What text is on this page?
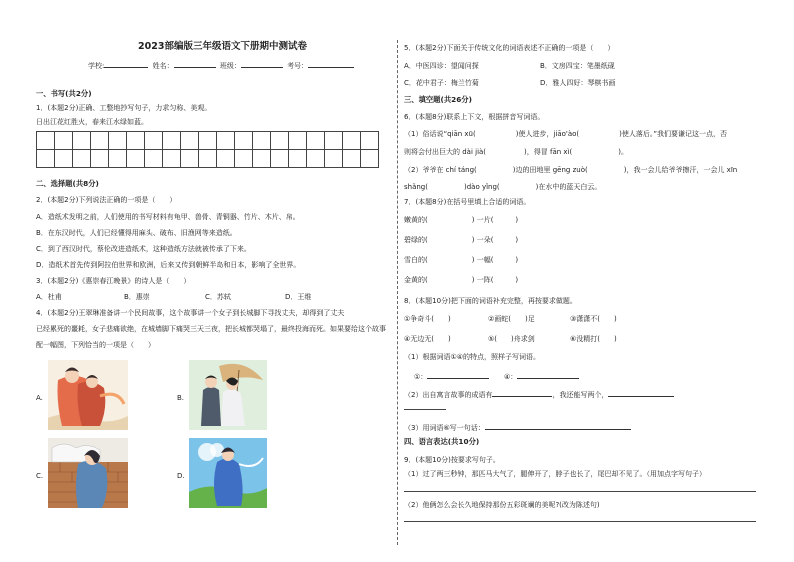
2023部编版三年级语文下册期中测试卷
学校:	姓名：	班级：	考号：
一、书写(共2分)
1．(本题2分)正确、工整地抄写句子，力求匀称、美观。
日出江花红胜火，春来江水绿如蓝。

二、选择题(共8分)
2．(本题2分)下列说法正确的一项是（　　）
A．造纸术发明之前，人们使用的书写材料有龟甲、兽骨、青铜器、竹片、木片、帛。
B．在东汉时代，人们已经懂得用麻头、破布、旧渔网等来造纸。
C．到了西汉时代，蔡伦改进造纸术，这种造纸方法就被传承了下来。
D．造纸术首先传到阿拉伯世界和欧洲，后来又传到朝鲜半岛和日本，影响了全世界。
3．(本题2分)《惠崇春江晚景》的诗人是（　　）
A．杜甫	B．惠崇	C．苏轼	D．王维
4．(本题2分)王翠琳准备讲一个民间故事，这个故事讲一个女子到长城脚下寻找丈夫，却得到了丈夫
已经累死的噩耗，女子悲痛欲绝，在城墙脚下痛哭三天三夜，把长城都哭塌了，最终投海而死。如果要给这个故事
配一幅图，下列恰当的一项是（　　）
A.	B.
C.	D.
5．(本题2分)下面关于传统文化的词语表述不正确的一项是（　　）
A．中医四诊：望闻问探	B．文房四宝：笔墨纸砚
C．花中君子：梅兰竹菊	D．雅人四好：琴棋书画
三、填空题(共26分)
6．(本题8分)联系上下文，根据拼音写词语。
（1）俗话说“qiān xū(	)使人进步，jiāo'ào(	)使人落后。”我们要谦记这一点，否
则将会付出巨大的 dài jià(	)，得冒 fān xì(	)。
（2）爷爷在 chí táng(	)边的田地里 gēng zuò(	)，我一会儿给爷爷擦汗，一会儿 xīn
shǎng(	)dào yǐng(	)在水中的蓝天白云。
7．(本题8分)在括号里填上合适的词语。
嫩黄的(	) 一片(	)
碧绿的(	) 一朵(	)
雪白的(	) 一幅(	)
金黄的(	) 一阵(	)
8．(本题10分)把下面的词语补充完整，再按要求做题。
①争奇斗(　　)	②画蛇(　　)足	③潇潇不(　　)
④无边无(　　)	⑤(　　)舟求剑	⑥没精打(　　)
（1）根据词语①④的特点，照样子写词语。
①：	④：
（2）出自寓言故事的成语有	，我还能写两个，
（3）用词语⑥写一句话：
四、语言表达(共10分)
9．(本题10分)按要求写句子。
（1）过了两三秒钟，那匹马大气了，腿伸开了，脖子也长了，尾巴却不见了。（用加点字写句子）
（2）他俩怎么会长久地保持那份五彩斑斓的美呢?(改为陈述句)
